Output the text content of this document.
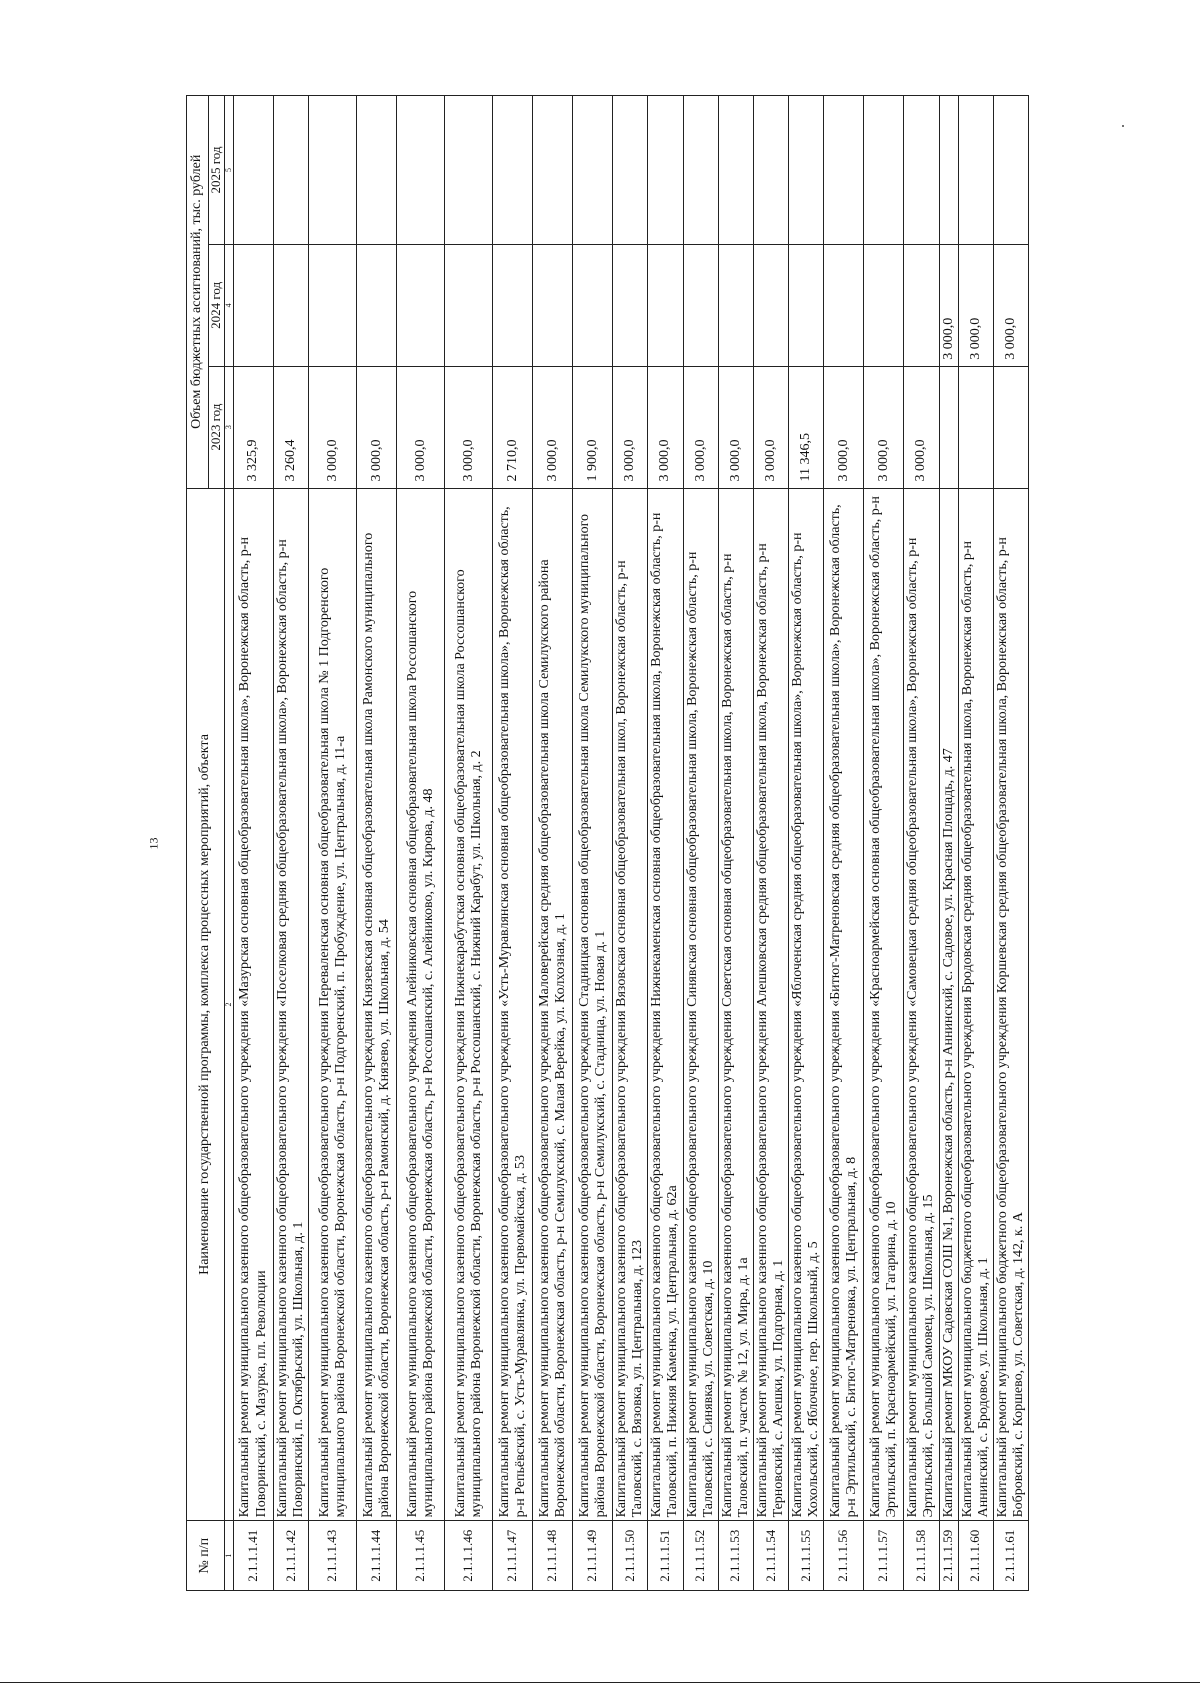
13
№ п/п	Наименование государственной программы, комплекса процессных мероприятий, объекта	Объем бюджетных ассигнований, тыс. рублей		
		2023 год	2024 год	2025 год
1	2	3	4	5
2.1.1.1.41	Капитальный ремонт муниципального казенного общеобразовательного учреждения «Мазурская основная общеобразовательная школа», Воронежская область, р-н Поворинский, с. Мазурка, пл. Революции	3 325,9		
2.1.1.1.42	Капитальный ремонт муниципального казенного общеобразовательного учреждения «Поселковая средняя общеобразовательная школа», Воронежская область, р-н Поворинский, п. Октябрьский, ул. Школьная, д. 1	3 260,4		
2.1.1.1.43	Капитальный ремонт муниципального казенного общеобразовательного учреждения Переваленская основная общеобразовательная школа № 1 Подгоренского муниципального района Воронежской области, Воронежская область, р-н Подгоренский, п. Пробуждение, ул. Центральная, д. 11-а	3 000,0		
2.1.1.1.44	Капитальный ремонт муниципального казенного общеобразовательного учреждения Князевская основная общеобразовательная школа Рамонского муниципального района Воронежской области, Воронежская область, р-н Рамонский, д. Князево, ул. Школьная, д. 54	3 000,0		
2.1.1.1.45	Капитальный ремонт муниципального казенного общеобразовательного учреждения Алейниковская основная общеобразовательная школа Россошанского муниципального района Воронежской области, Воронежская область, р-н Россошанский, с. Алейниково, ул. Кирова, д. 48	3 000,0		
2.1.1.1.46	Капитальный ремонт муниципального казенного общеобразовательного учреждения Нижнекарабутская основная общеобразовательная школа Россошанского муниципального района Воронежской области, Воронежская область, р-н Россошанский, с. Нижний Карабут, ул. Школьная, д. 2	3 000,0		
2.1.1.1.47	Капитальный ремонт муниципального казенного общеобразовательного учреждения «Усть-Муравлянская основная общеобразовательная школа», Воронежская область, р-н Репьёвский, с. Усть-Муравлянка, ул. Первомайская, д. 53	2 710,0		
2.1.1.1.48	Капитальный ремонт муниципального казенного общеобразовательного учреждения Маловерейская средняя общеобразовательная школа Семилукского района Воронежской области, Воронежская область, р-н Семилукский, с. Малая Верейка, ул. Колхозная, д. 1	3 000,0		
2.1.1.1.49	Капитальный ремонт муниципального казенного общеобразовательного учреждения Стадницкая основная общеобразовательная школа Семилукского муниципального района Воронежской области, Воронежская область, р-н Семилукский, с. Стадница, ул. Новая д. 1	1 900,0		
2.1.1.1.50	Капитальный ремонт муниципального казенного общеобразовательного учреждения Вязовская основная общеобразовательная школ, Воронежская область, р-н Таловский, с. Вязовка, ул. Центральная, д. 123	3 000,0		
2.1.1.1.51	Капитальный ремонт муниципального казенного общеобразовательного учреждения Нижнекаменская основная общеобразовательная школа, Воронежская область, р-н Таловский, п. Нижняя Каменка, ул. Центральная, д. 62а	3 000,0		
2.1.1.1.52	Капитальный ремонт муниципального казенного общеобразовательного учреждения Синявская основная общеобразовательная школа, Воронежская область, р-н Таловский, с. Синявка, ул. Советская, д. 10	3 000,0		
2.1.1.1.53	Капитальный ремонт муниципального казенного общеобразовательного учреждения Советская основная общеобразовательная школа, Воронежская область, р-н Таловский, п. участок № 12, ул. Мира, д. 1а	3 000,0		
2.1.1.1.54	Капитальный ремонт муниципального казенного общеобразовательного учреждения Алешковская средняя общеобразовательная школа, Воронежская область, р-н Терновский, с. Алешки, ул. Подгорная, д. 1	3 000,0		
2.1.1.1.55	Капитальный ремонт муниципального казенного общеобразовательного учреждения «Яблоченская средняя общеобразовательная школа», Воронежская область, р-н Хохольский, с. Яблочное, пер. Школьный, д. 5	11 346,5		
2.1.1.1.56	Капитальный ремонт муниципального казенного общеобразовательного учреждения «Битюг-Матреновская средняя общеобразовательная школа», Воронежская область, р-н Эртильский, с. Битюг-Матреновка, ул. Центральная, д. 8	3 000,0		
2.1.1.1.57	Капитальный ремонт муниципального казенного общеобразовательного учреждения «Красноармейская основная общеобразовательная школа», Воронежская область, р-н Эртильский, п. Красноармейский, ул. Гагарина, д. 10	3 000,0		
2.1.1.1.58	Капитальный ремонт муниципального казенного общеобразовательного учреждения «Самовецкая средняя общеобразовательная школа», Воронежская область, р-н Эртильский, с. Большой Самовец, ул. Школьная, д. 15	3 000,0		
2.1.1.1.59	Капитальный ремонт МКОУ Садовская СОШ №1, Воронежская область, р-н Аннинский, с. Садовое, ул. Красная Площадь, д. 47		3 000,0	
2.1.1.1.60	Капитальный ремонт муниципального бюджетного общеобразовательного учреждения Бродовская средняя общеобразовательная школа, Воронежская область, р-н Аннинский, с. Бродовое, ул. Школьная, д. 1		3 000,0	
2.1.1.1.61	Капитальный ремонт муниципального бюджетного общеобразовательного учреждения Коршевская средняя общеобразовательная школа, Воронежская область, р-н Бобровский, с. Коршево, ул. Советская, д. 142, к. А		3 000,0	
